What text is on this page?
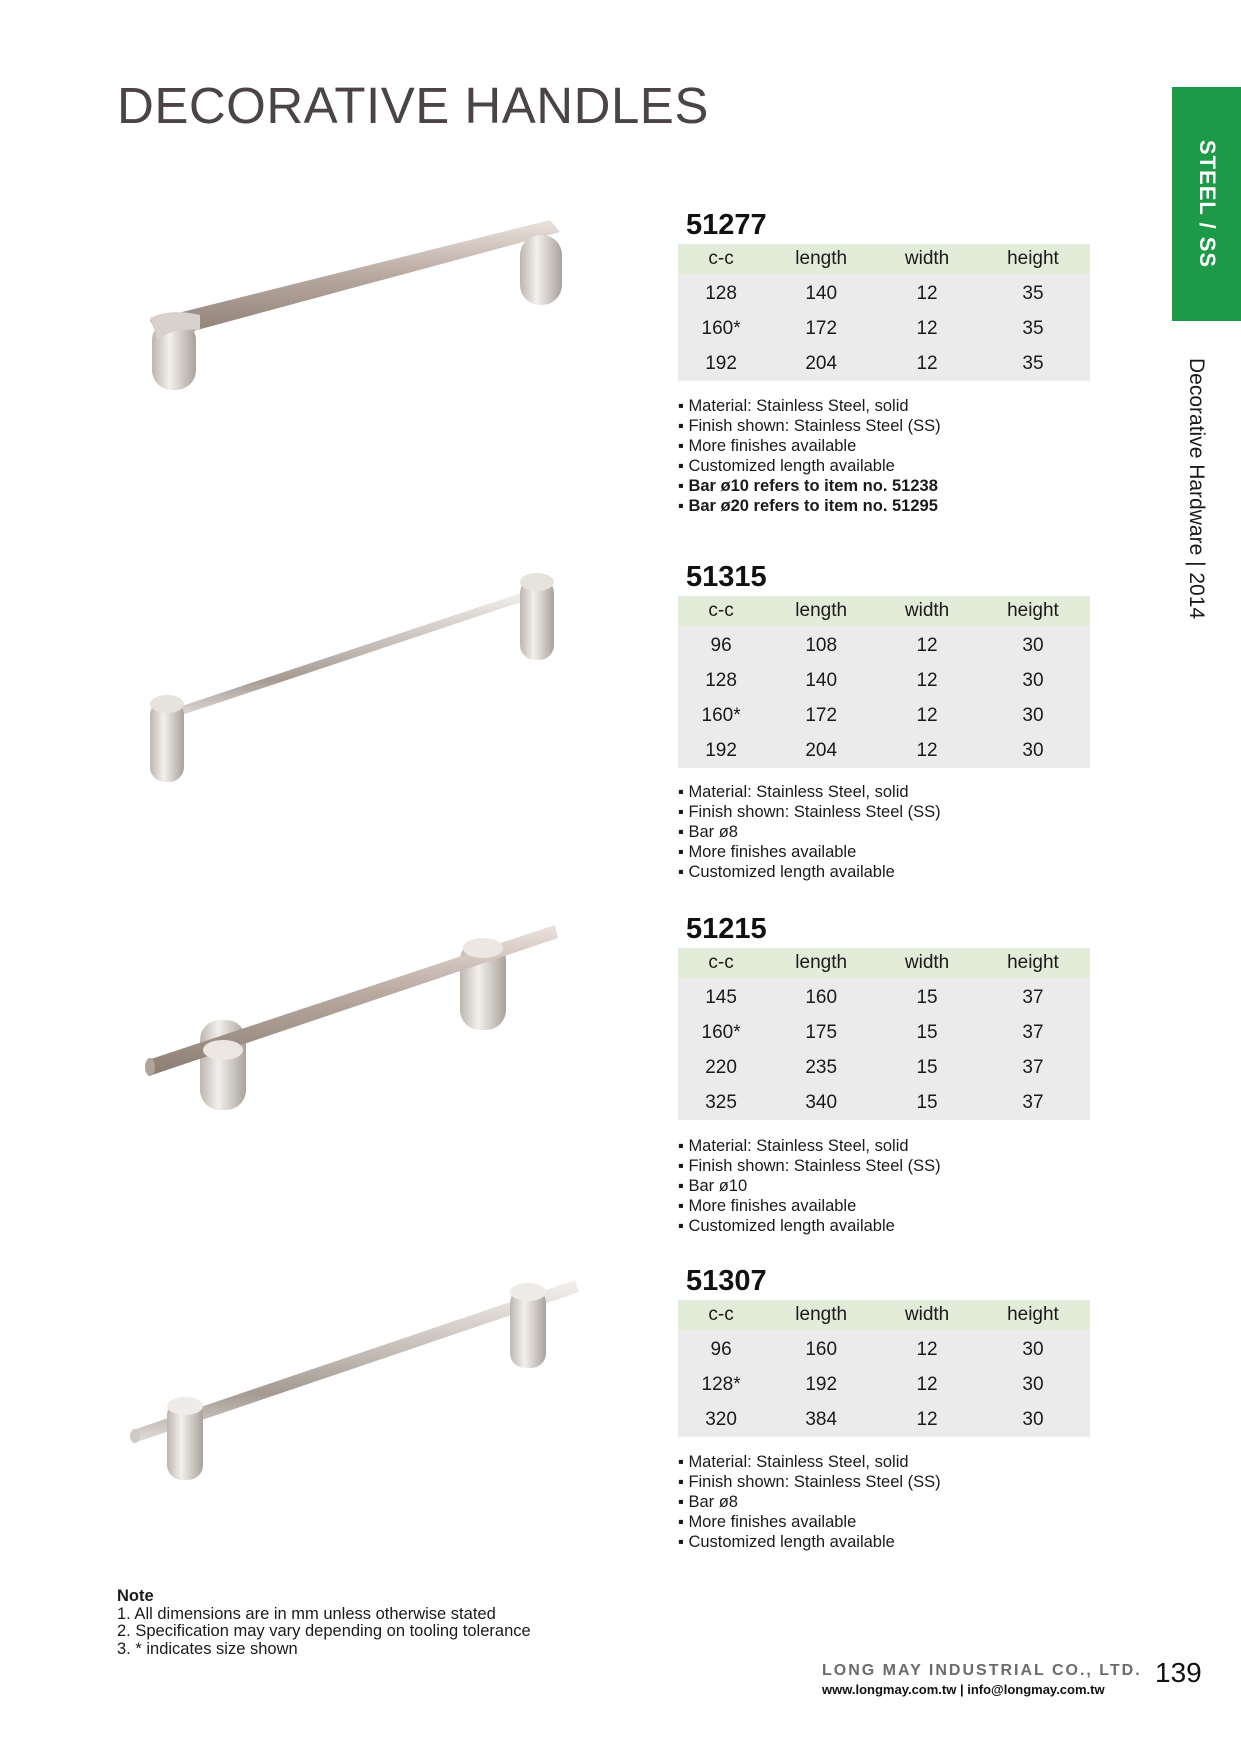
DECORATIVE HANDLES
STEEL / SS
Decorative Hardware | 2014
51277
c-c	length	width	height
128	140	12	35
160*	172	12	35
192	204	12	35
▪ Material: Stainless Steel, solid
▪ Finish shown: Stainless Steel (SS)
▪ More finishes available
▪ Customized length available
▪ Bar ø10 refers to item no. 51238
▪ Bar ø20 refers to item no. 51295
51315
c-c	length	width	height
96	108	12	30
128	140	12	30
160*	172	12	30
192	204	12	30
▪ Material: Stainless Steel, solid
▪ Finish shown: Stainless Steel (SS)
▪ Bar ø8
▪ More finishes available
▪ Customized length available
51215
c-c	length	width	height
145	160	15	37
160*	175	15	37
220	235	15	37
325	340	15	37
▪ Material: Stainless Steel, solid
▪ Finish shown: Stainless Steel (SS)
▪ Bar ø10
▪ More finishes available
▪ Customized length available
51307
c-c	length	width	height
96	160	12	30
128*	192	12	30
320	384	12	30
▪ Material: Stainless Steel, solid
▪ Finish shown: Stainless Steel (SS)
▪ Bar ø8
▪ More finishes available
▪ Customized length available
Note
1. All dimensions are in mm unless otherwise stated
2. Specification may vary depending on tooling tolerance
3. * indicates size shown
LONG MAY INDUSTRIAL CO., LTD.
www.longmay.com.tw | info@longmay.com.tw
139
